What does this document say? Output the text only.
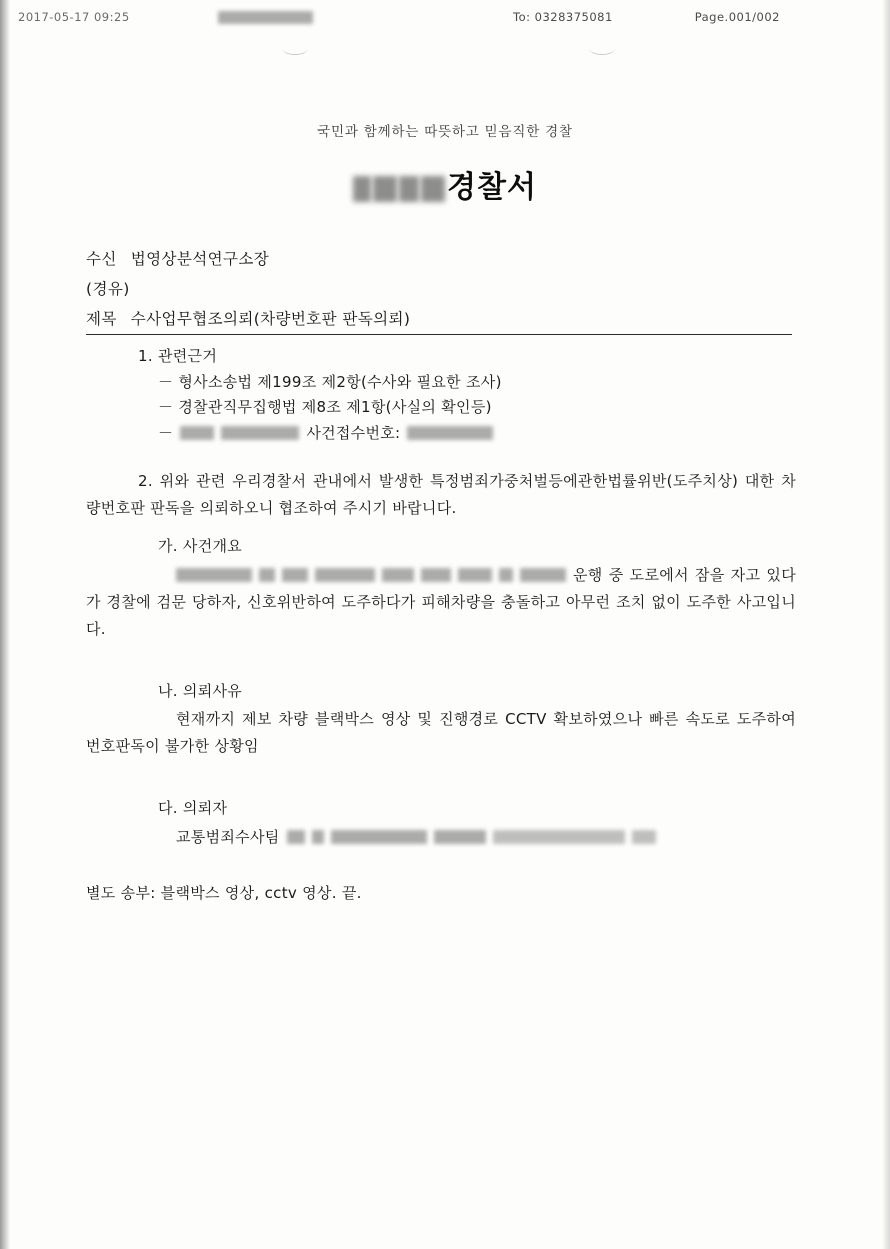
2017-05-17 09:25	To: 0328375081	Page.001/002
국민과 함께하는 따뜻하고 믿음직한 경찰
경찰서
수신 법영상분석연구소장
(경유)
제목 수사업무협조의뢰(차량번호판 판독의뢰)
1. 관련근거
－ 형사소송법 제199조 제2항(수사와 필요한 조사)
－ 경찰관직무집행법 제8조 제1항(사실의 확인등)
－	사건접수번호:
2. 위와 관련 우리경찰서 관내에서 발생한 특정범죄가중처벌등에관한법률위반(도주치상) 대한 차량번호판 판독을 의뢰하오니 협조하여 주시기 바랍니다.
가. 사건개요
운행 중 도로에서 잠을 자고 있다가 경찰에 검문 당하자, 신호위반하여 도주하다가 피해차량을 충돌하고 아무런 조치 없이 도주한 사고입니다.
나. 의뢰사유
현재까지 제보 차량 블랙박스 영상 및 진행경로 CCTV 확보하였으나 빠른 속도로 도주하여 번호판독이 불가한 상황임
다. 의뢰자
교통범죄수사팀
별도 송부: 블랙박스 영상, cctv 영상. 끝.
